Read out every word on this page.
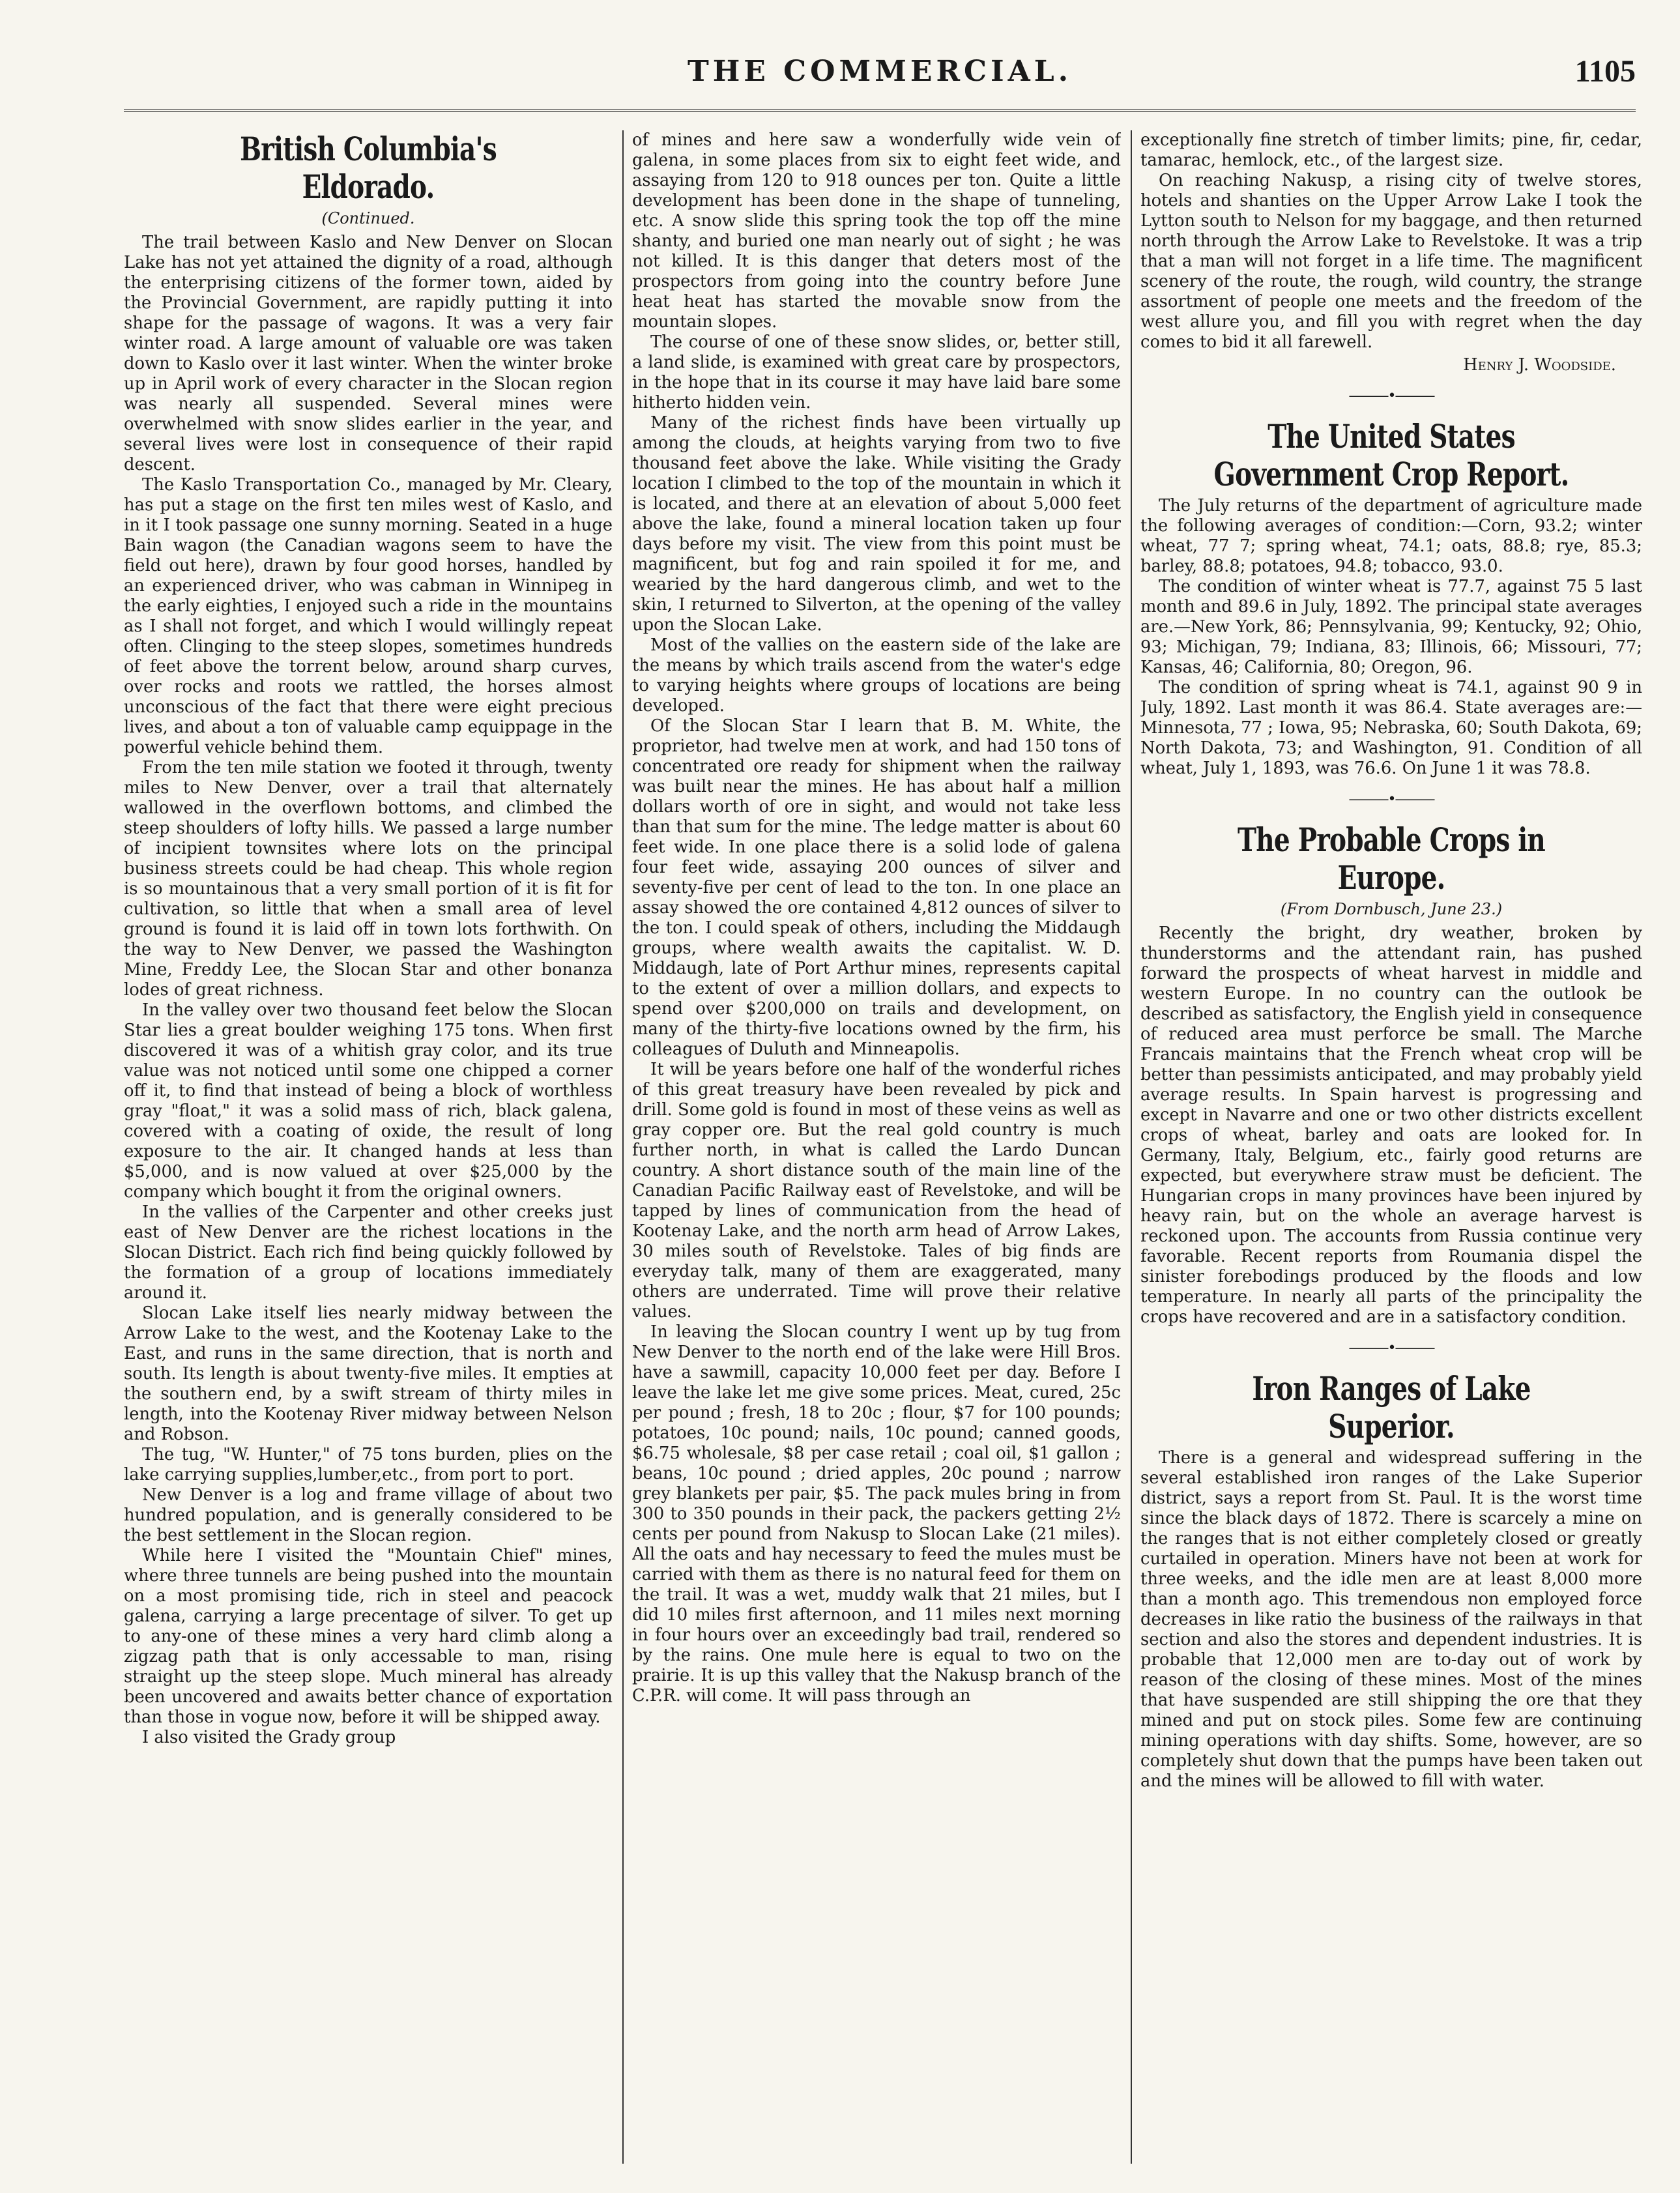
THE COMMERCIAL.	1105
British Columbia's Eldorado.
(Continued.

The trail between Kaslo and New Denver on Slocan Lake has not yet attained the dignity of a road, although the enterprising citizens of the former town, aided by the Provincial Government, are rapidly putting it into shape for the passage of wagons. It was a very fair winter road. A large amount of valuable ore was taken down to Kaslo over it last winter. When the winter broke up in April work of every character in the Slocan region was nearly all suspended. Several mines were overwhelmed with snow slides earlier in the year, and several lives were lost in consequence of their rapid descent.

The Kaslo Transportation Co., managed by Mr. Cleary, has put a stage on the first ten miles west of Kaslo, and in it I took passage one sunny morning. Seated in a huge Bain wagon (the Canadian wagons seem to have the field out here), drawn by four good horses, handled by an experienced driver, who was cabman in Winnipeg in the early eighties, I enjoyed such a ride in the mountains as I shall not forget, and which I would willingly repeat often. Clinging to the steep slopes, sometimes hundreds of feet above the torrent below, around sharp curves, over rocks and roots we rattled, the horses almost unconscious of the fact that there were eight precious lives, and about a ton of valuable camp equippage in the powerful vehicle behind them.

From the ten mile station we footed it through, twenty miles to New Denver, over a trail that alternately wallowed in the overflown bottoms, and climbed the steep shoulders of lofty hills. We passed a large number of incipient townsites where lots on the principal business streets could be had cheap. This whole region is so mountainous that a very small portion of it is fit for cultivation, so little that when a small area of level ground is found it is laid off in town lots forthwith. On the way to New Denver, we passed the Washington Mine, Freddy Lee, the Slocan Star and other bonanza lodes of great richness.

In the valley over two thousand feet below the Slocan Star lies a great boulder weighing 175 tons. When first discovered it was of a whitish gray color, and its true value was not noticed until some one chipped a corner off it, to find that instead of being a block of worthless gray "float," it was a solid mass of rich, black galena, covered with a coating of oxide, the result of long exposure to the air. It changed hands at less than $5,000, and is now valued at over $25,000 by the company which bought it from the original owners.

In the vallies of the Carpenter and other creeks just east of New Denver are the richest locations in the Slocan District. Each rich find being quickly followed by the formation of a group of locations immediately around it.

Slocan Lake itself lies nearly midway between the Arrow Lake to the west, and the Kootenay Lake to the East, and runs in the same direction, that is north and south. Its length is about twenty-five miles. It empties at the southern end, by a swift stream of thirty miles in length, into the Kootenay River midway between Nelson and Robson.

The tug, "W. Hunter," of 75 tons burden, plies on the lake carrying supplies,lumber,etc., from port to port.

New Denver is a log and frame village of about two hundred population, and is generally considered to be the best settlement in the Slocan region.

While here I visited the "Mountain Chief" mines, where three tunnels are being pushed into the mountain on a most promising tide, rich in steel and peacock galena, carrying a large precentage of silver. To get up to any-one of these mines a very hard climb along a zigzag path that is only accessable to man, rising straight up the steep slope. Much mineral has already been uncovered and awaits better chance of exportation than those in vogue now, before it will be shipped away.

I also visited the Grady group

of mines and here saw a wonderfully wide vein of galena, in some places from six to eight feet wide, and assaying from 120 to 918 ounces per ton. Quite a little development has been done in the shape of tunneling, etc. A snow slide this spring took the top off the mine shanty, and buried one man nearly out of sight ; he was not killed. It is this danger that deters most of the prospectors from going into the country before June heat heat has started the movable snow from the mountain slopes.

The course of one of these snow slides, or, better still, a land slide, is examined with great care by prospectors, in the hope that in its course it may have laid bare some hitherto hidden vein.

Many of the richest finds have been virtually up among the clouds, at heights varying from two to five thousand feet above the lake. While visiting the Grady location I climbed to the top of the mountain in which it is located, and there at an elevation of about 5,000 feet above the lake, found a mineral location taken up four days before my visit. The view from this point must be magnificent, but fog and rain spoiled it for me, and wearied by the hard dangerous climb, and wet to the skin, I returned to Silverton, at the opening of the valley upon the Slocan Lake.

Most of the vallies on the eastern side of the lake are the means by which trails ascend from the water's edge to varying heights where groups of locations are being developed.

Of the Slocan Star I learn that B. M. White, the proprietor, had twelve men at work, and had 150 tons of concentrated ore ready for shipment when the railway was built near the mines. He has about half a million dollars worth of ore in sight, and would not take less than that sum for the mine. The ledge matter is about 60 feet wide. In one place there is a solid lode of galena four feet wide, assaying 200 ounces of silver and seventy-five per cent of lead to the ton. In one place an assay showed the ore contained 4,812 ounces of silver to the ton. I could speak of others, including the Middaugh groups, where wealth awaits the capitalist. W. D. Middaugh, late of Port Arthur mines, represents capital to the extent of over a million dollars, and expects to spend over $200,000 on trails and development, on many of the thirty-five locations owned by the firm, his colleagues of Duluth and Minneapolis.

It will be years before one half of the wonderful riches of this great treasury have been revealed by pick and drill. Some gold is found in most of these veins as well as gray copper ore. But the real gold country is much further north, in what is called the Lardo Duncan country. A short distance south of the main line of the Canadian Pacific Railway east of Revelstoke, and will be tapped by lines of communication from the head of Kootenay Lake, and the north arm head of Arrow Lakes, 30 miles south of Revelstoke. Tales of big finds are everyday talk, many of them are exaggerated, many others are underrated. Time will prove their relative values.

In leaving the Slocan country I went up by tug from New Denver to the north end of the lake were Hill Bros. have a sawmill, capacity 10,000 feet per day. Before I leave the lake let me give some prices. Meat, cured, 25c per pound ; fresh, 18 to 20c ; flour, $7 for 100 pounds; potatoes, 10c pound; nails, 10c pound; canned goods, $6.75 wholesale, $8 per case retail ; coal oil, $1 gallon ; beans, 10c pound ; dried apples, 20c pound ; narrow grey blankets per pair, $5. The pack mules bring in from 300 to 350 pounds in their pack, the packers getting 2½ cents per pound from Nakusp to Slocan Lake (21 miles). All the oats and hay necessary to feed the mules must be carried with them as there is no natural feed for them on the trail. It was a wet, muddy walk that 21 miles, but I did 10 miles first afternoon, and 11 miles next morning in four hours over an exceedingly bad trail, rendered so by the rains. One mule here is equal to two on the prairie. It is up this valley that the Nakusp branch of the C.P.R. will come. It will pass through an

exceptionally fine stretch of timber limits; pine, fir, cedar, tamarac, hemlock, etc., of the largest size.

On reaching Nakusp, a rising city of twelve stores, hotels and shanties on the Upper Arrow Lake I took the Lytton south to Nelson for my baggage, and then returned north through the Arrow Lake to Revelstoke. It was a trip that a man will not forget in a life time. The magnificent scenery of the route, the rough, wild country, the strange assortment of people one meets and the freedom of the west allure you, and fill you with regret when the day comes to bid it all farewell.

Henry J. Woodside.
———•———
The United States Government Crop Report.

The July returns of the department of agriculture made the following averages of condition:—Corn, 93.2; winter wheat, 77 7; spring wheat, 74.1; oats, 88.8; rye, 85.3; barley, 88.8; potatoes, 94.8; tobacco, 93.0.

The condition of winter wheat is 77.7, against 75 5 last month and 89.6 in July, 1892. The principal state averages are.—New York, 86; Pennsylvania, 99; Kentucky, 92; Ohio, 93; Michigan, 79; Indiana, 83; Illinois, 66; Missouri, 77; Kansas, 46; California, 80; Oregon, 96.

The condition of spring wheat is 74.1, against 90 9 in July, 1892. Last month it was 86.4. State averages are:—Minnesota, 77 ; Iowa, 95; Nebraska, 60; South Dakota, 69; North Dakota, 73; and Washington, 91. Condition of all wheat, July 1, 1893, was 76.6. On June 1 it was 78.8.

———•———
The Probable Crops in Europe.
(From Dornbusch, June 23.)

Recently the bright, dry weather, broken by thunderstorms and the attendant rain, has pushed forward the prospects of wheat harvest in middle and western Europe. In no country can the outlook be described as satisfactory, the English yield in consequence of reduced area must perforce be small. The Marche Francais maintains that the French wheat crop will be better than pessimists anticipated, and may probably yield average results. In Spain harvest is progressing and except in Navarre and one or two other districts excellent crops of wheat, barley and oats are looked for. In Germany, Italy, Belgium, etc., fairly good returns are expected, but everywhere straw must be deficient. The Hungarian crops in many provinces have been injured by heavy rain, but on the whole an average harvest is reckoned upon. The accounts from Russia continue very favorable. Recent reports from Roumania dispel the sinister forebodings produced by the floods and low temperature. In nearly all parts of the principality the crops have recovered and are in a satisfactory condition.

———•———
Iron Ranges of Lake Superior.

There is a general and widespread suffering in the several established iron ranges of the Lake Superior district, says a report from St. Paul. It is the worst time since the black days of 1872. There is scarcely a mine on the ranges that is not either completely closed or greatly curtailed in operation. Miners have not been at work for three weeks, and the idle men are at least 8,000 more than a month ago. This tremendous non employed force decreases in like ratio the business of the railways in that section and also the stores and dependent industries. It is probable that 12,000 men are to-day out of work by reason of the closing of these mines. Most of the mines that have suspended are still shipping the ore that they mined and put on stock piles. Some few are continuing mining operations with day shifts. Some, however, are so completely shut down that the pumps have been taken out and the mines will be allowed to fill with water.
